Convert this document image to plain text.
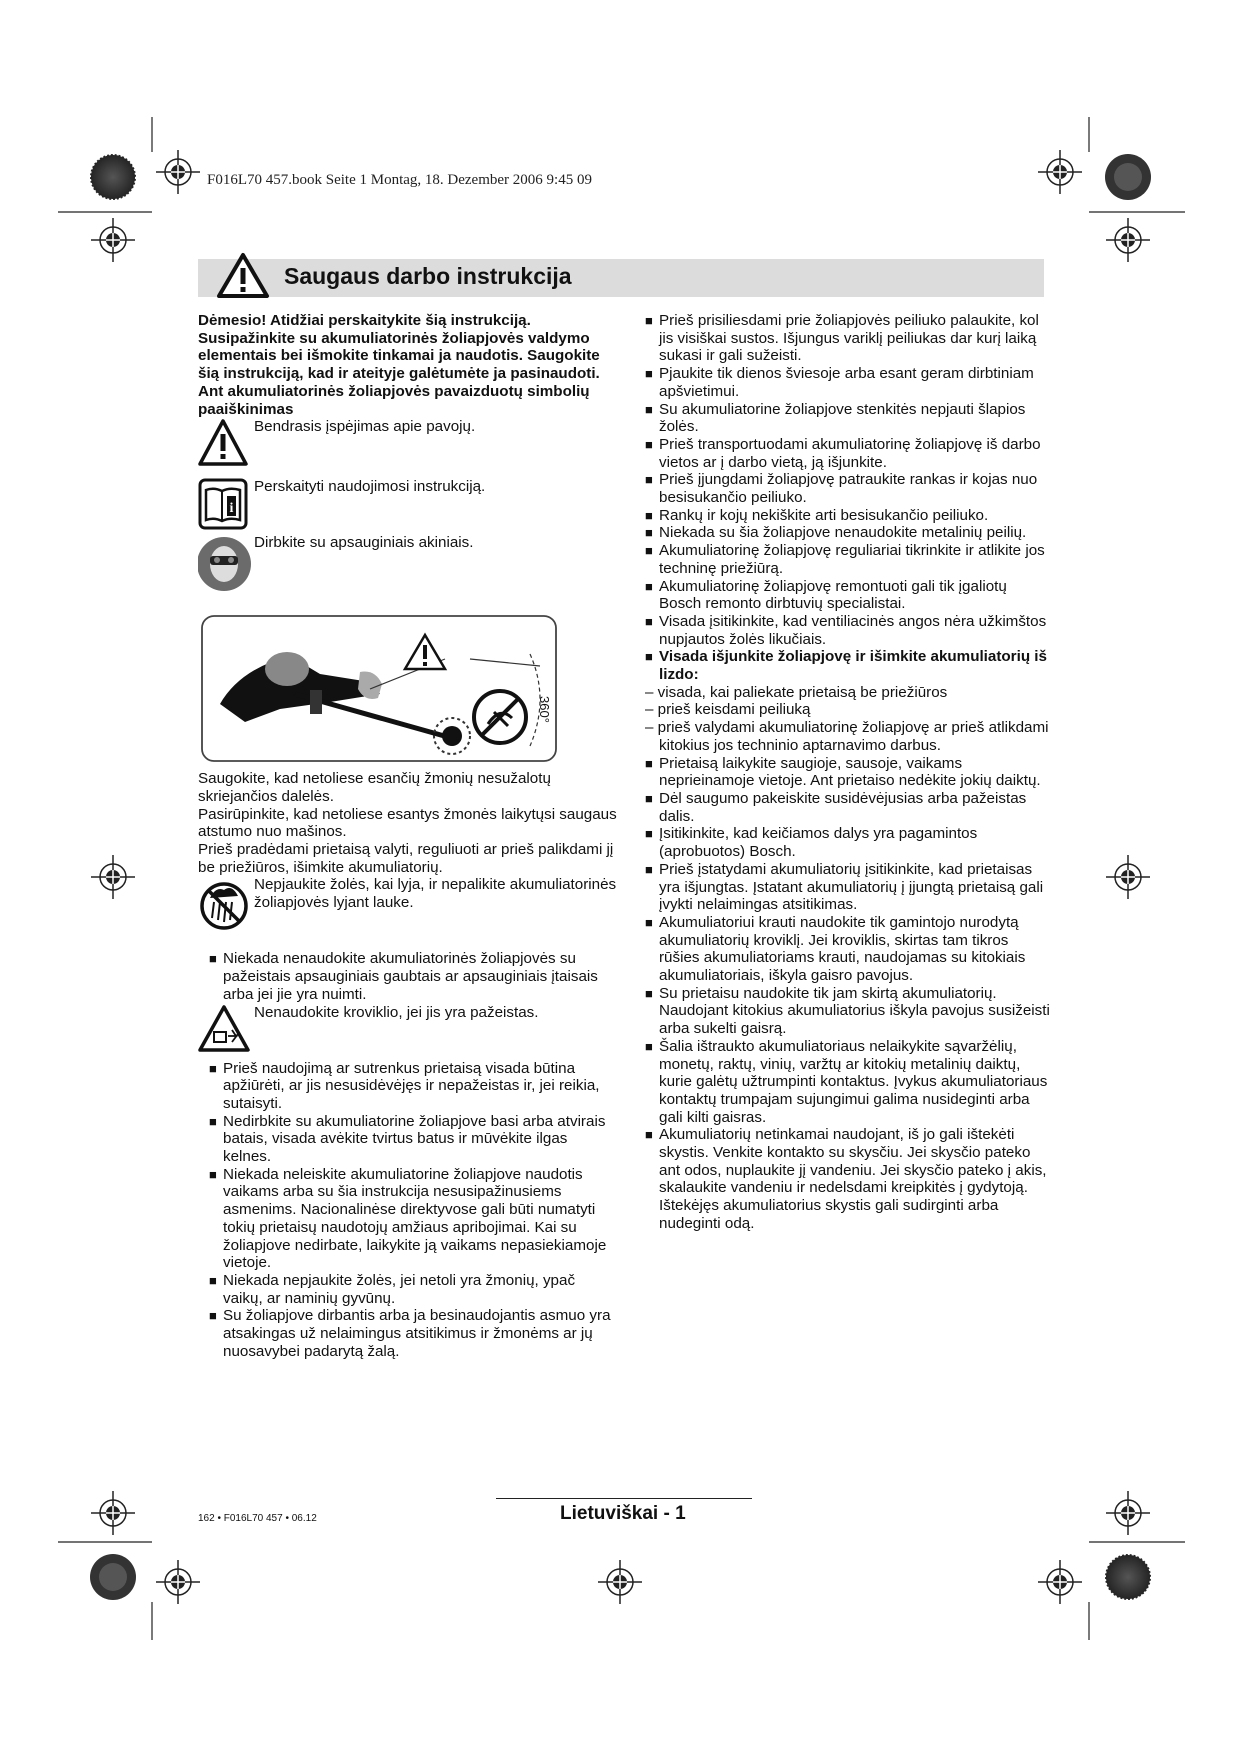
F016L70 457.book Seite 1 Montag, 18. Dezember 2006 9:45 09
Saugaus darbo instrukcija

Dėmesio! Atidžiai perskaitykite šią instrukciją. Susipažinkite su akumuliatorinės žoliapjovės valdymo elementais bei išmokite tinkamai ja naudotis. Saugokite šią instrukciją, kad ir ateityje galėtumėte ja pasinaudoti.

Ant akumuliatorinės žoliapjovės pavaizduotų simbolių paaiškinimas

Bendrasis įspėjimas apie pavojų.

i

Perskaityti naudojimosi instrukciją.

Dirbkite su apsauginiais akiniais.

360°

Saugokite, kad netoliese esančių žmonių nesužalotų skriejančios dalelės.

Pasirūpinkite, kad netoliese esantys žmonės laikytųsi saugaus atstumo nuo mašinos.

Prieš pradėdami prietaisą valyti, reguliuoti ar prieš palikdami jį be priežiūros, išimkite akumuliatorių.

Nepjaukite žolės, kai lyja, ir nepalikite akumuliatorinės žoliapjovės lyjant lauke.

■ Niekada nenaudokite akumuliatorinės žoliapjovės su pažeistais apsauginiais gaubtais ar apsauginiais įtaisais arba jei jie yra nuimti.

Nenaudokite kroviklio, jei jis yra pažeistas.

■ Prieš naudojimą ar sutrenkus prietaisą visada būtina apžiūrėti, ar jis nesusidėvėjęs ir nepažeistas ir, jei reikia, sutaisyti.

■ Nedirbkite su akumuliatorine žoliapjove basi arba atvirais batais, visada avėkite tvirtus batus ir mūvėkite ilgas kelnes.

■ Niekada neleiskite akumuliatorine žoliapjove naudotis vaikams arba su šia instrukcija nesusipažinusiems asmenims. Nacionalinėse direktyvose gali būti numatyti tokių prietaisų naudotojų amžiaus apribojimai. Kai su žoliapjove nedirbate, laikykite ją vaikams nepasiekiamoje vietoje.

■ Niekada nepjaukite žolės, jei netoli yra žmonių, ypač vaikų, ar naminių gyvūnų.

■ Su žoliapjove dirbantis arba ja besinaudojantis asmuo yra atsakingas už nelaimingus atsitikimus ir žmonėms ar jų nuosavybei padarytą žalą.

■ Prieš prisiliesdami prie žoliapjovės peiliuko palaukite, kol jis visiškai sustos. Išjungus variklį peiliukas dar kurį laiką sukasi ir gali sužeisti.

■ Pjaukite tik dienos šviesoje arba esant geram dirbtiniam apšvietimui.

■ Su akumuliatorine žoliapjove stenkitės nepjauti šlapios žolės.

■ Prieš transportuodami akumuliatorinę žoliapjovę iš darbo vietos ar į darbo vietą, ją išjunkite.

■ Prieš įjungdami žoliapjovę patraukite rankas ir kojas nuo besisukančio peiliuko.

■ Rankų ir kojų nekiškite arti besisukančio peiliuko.

■ Niekada su šia žoliapjove nenaudokite metalinių peilių.

■ Akumuliatorinę žoliapjovę reguliariai tikrinkite ir atlikite jos techninę priežiūrą.

■ Akumuliatorinę žoliapjovę remontuoti gali tik įgaliotų Bosch remonto dirbtuvių specialistai.

■ Visada įsitikinkite, kad ventiliacinės angos nėra užkimštos nupjautos žolės likučiais.

■ Visada išjunkite žoliapjovę ir išimkite akumuliatorių iš lizdo:

– visada, kai paliekate prietaisą be priežiūros

– prieš keisdami peiliuką

– prieš valydami akumuliatorinę žoliapjovę ar prieš atlikdami kitokius jos techninio aptarnavimo darbus.

■ Prietaisą laikykite saugioje, sausoje, vaikams neprieinamoje vietoje. Ant prietaiso nedėkite jokių daiktų.

■ Dėl saugumo pakeiskite susidėvėjusias arba pažeistas dalis.

■ Įsitikinkite, kad keičiamos dalys yra pagamintos (aprobuotos) Bosch.

■ Prieš įstatydami akumuliatorių įsitikinkite, kad prietaisas yra išjungtas. Įstatant akumuliatorių į įjungtą prietaisą gali įvykti nelaimingas atsitikimas.

■ Akumuliatoriui krauti naudokite tik gamintojo nurodytą akumuliatorių kroviklį. Jei kroviklis, skirtas tam tikros rūšies akumuliatoriams krauti, naudojamas su kitokiais akumuliatoriais, iškyla gaisro pavojus.

■ Su prietaisu naudokite tik jam skirtą akumuliatorių. Naudojant kitokius akumuliatorius iškyla pavojus susižeisti arba sukelti gaisrą.

■ Šalia ištraukto akumuliatoriaus nelaikykite sąvaržėlių, monetų, raktų, vinių, varžtų ar kitokių metalinių daiktų, kurie galėtų užtrumpinti kontaktus. Įvykus akumuliatoriaus kontaktų trumpajam sujungimui galima nusideginti arba gali kilti gaisras.

■ Akumuliatorių netinkamai naudojant, iš jo gali ištekėti skystis. Venkite kontakto su skysčiu. Jei skysčio pateko ant odos, nuplaukite jį vandeniu. Jei skysčio pateko į akis, skalaukite vandeniu ir nedelsdami kreipkitės į gydytoją. Ištekėjęs akumuliatorius skystis gali sudirginti arba nudeginti odą.

162 • F016L70 457 • 06.12	Lietuviškai - 1
